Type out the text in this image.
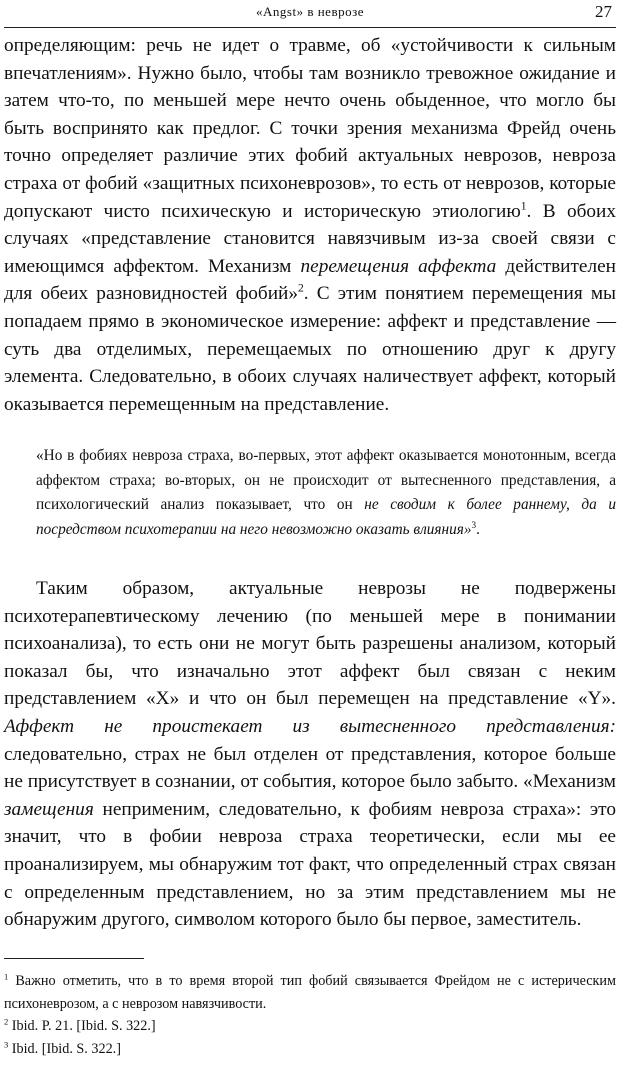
«Angst» в неврозе	27

определяющим: речь не идет о травме, об «устойчивости к сильным впечатлениям». Нужно было, чтобы там возникло тревожное ожидание и затем что-то, по меньшей мере нечто очень обыденное, что могло бы быть воспринято как предлог. С точки зрения механизма Фрейд очень точно определяет различие этих фобий актуальных неврозов, невроза страха от фобий «защитных психоневрозов», то есть от неврозов, которые допускают чисто психическую и историческую этиологию$^1$. В обоих случаях «представление становится навязчивым из-за своей связи с имеющимся аффектом. Механизм перемещения аффекта действителен для обеих разновидностей фобий»$^2$. С этим понятием перемещения мы попадаем прямо в экономическое измерение: аффект и представление — суть два отделимых, перемещаемых по отношению друг к другу элемента. Следовательно, в обоих случаях наличествует аффект, который оказывается перемещенным на представление.

«Но в фобиях невроза страха, во-первых, этот аффект оказывается монотонным, всегда аффектом страха; во-вторых, он не происходит от вытесненного представления, а психологический анализ показывает, что он не сводим к более раннему, да и посредством психотерапии на него невозможно оказать влияния»$^3$.

Таким образом, актуальные неврозы не подвержены психотерапевтическому лечению (по меньшей мере в понимании психоанализа), то есть они не могут быть разрешены анализом, который показал бы, что изначально этот аффект был связан с неким представлением «X» и что он был перемещен на представление «Y». Аффект не проистекает из вытесненного представления: следовательно, страх не был отделен от представления, которое больше не присутствует в сознании, от события, которое было забыто. «Механизм замещения неприменим, следовательно, к фобиям невроза страха»: это значит, что в фобии невроза страха теоретически, если мы ее проанализируем, мы обнаружим тот факт, что определенный страх связан с определенным представлением, но за этим представлением мы не обнаружим другого, символом которого было бы первое, заместитель.

$^1$ Важно отметить, что в то время второй тип фобий связывается Фрейдом не с истерическим психоневрозом, а с неврозом навязчивости.
$^2$ Ibid. P. 21. [Ibid. S. 322.]
$^3$ Ibid. [Ibid. S. 322.]
